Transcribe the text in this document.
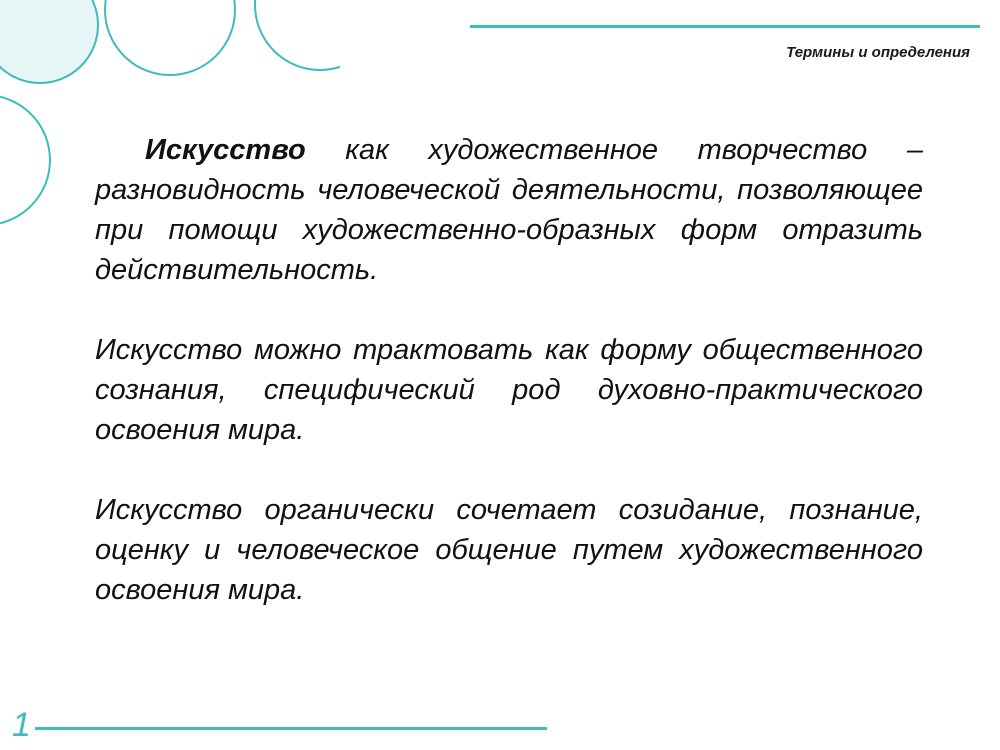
Термины и определения

Искусство как художественное творчество – разновидность человеческой деятельности, позволяющее при помощи художественно-образных форм отразить действительность.

Искусство можно трактовать как форму общественного сознания, специфический род духовно-практического освоения мира.

Искусство органически сочетает созидание, познание, оценку и человеческое общение путем художественного освоения мира.

1
